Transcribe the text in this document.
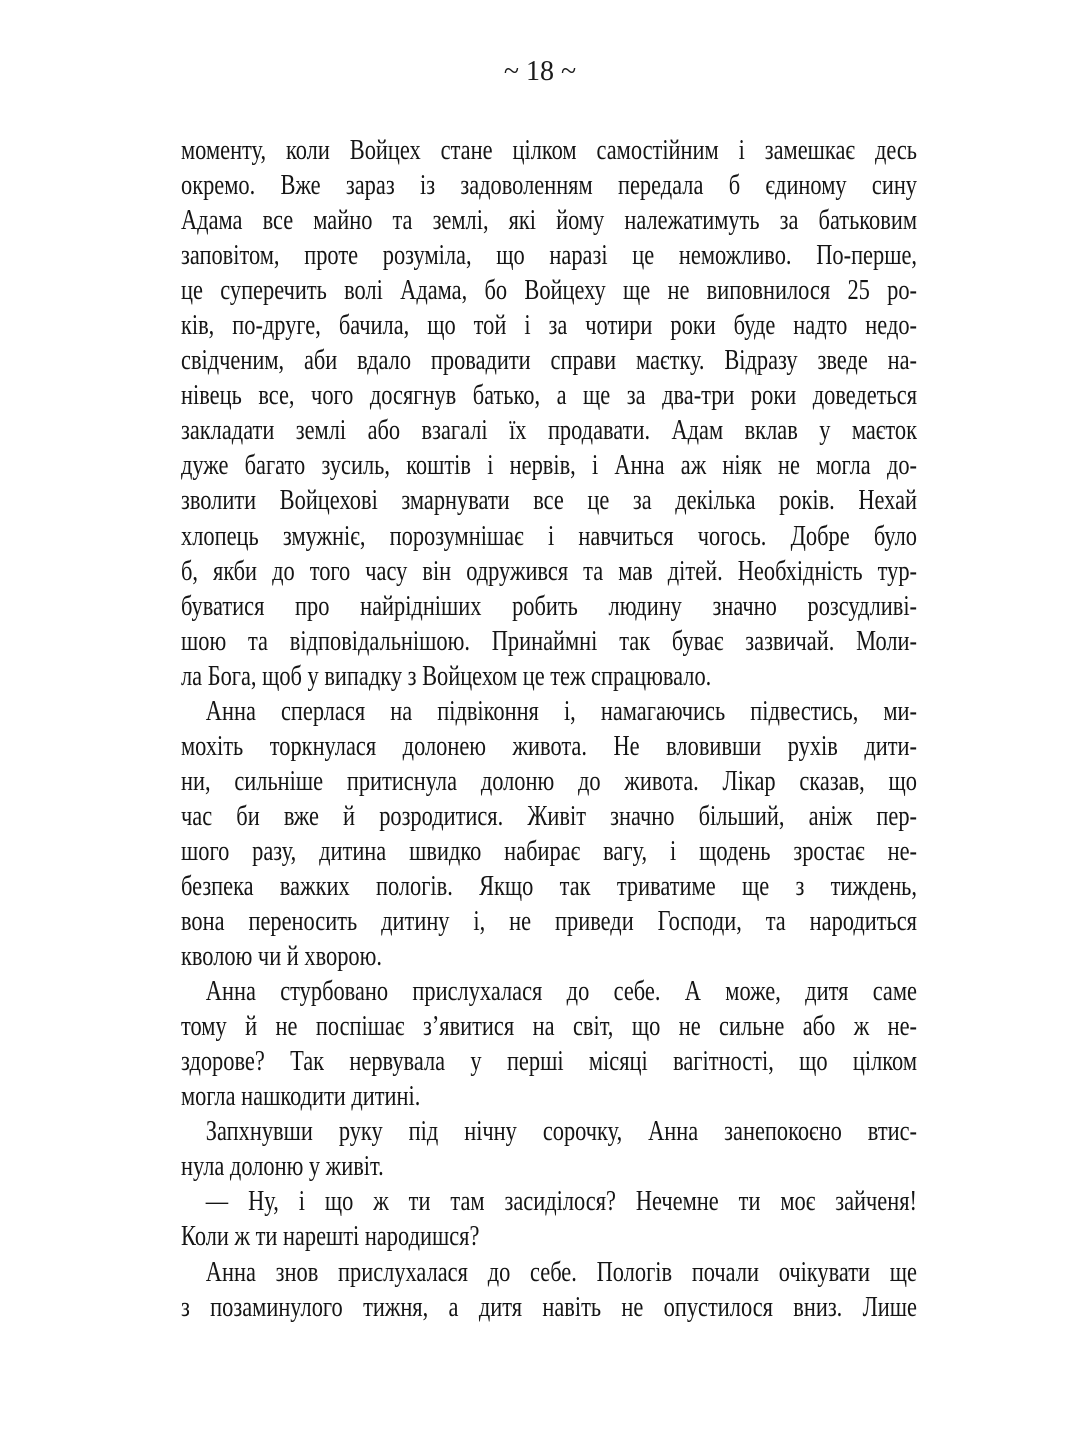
~ 18 ~
моменту, коли Войцех стане цілком самостійним і замешкає десь
окремо. Вже зараз із задоволенням передала б єдиному сину
Адама все майно та землі, які йому належатимуть за батьковим
заповітом, проте розуміла, що наразі це неможливо. По-перше,
це суперечить волі Адама, бо Войцеху ще не виповнилося 25 ро-
ків, по-друге, бачила, що той і за чотири роки буде надто недо-
свідченим, аби вдало провадити справи маєтку. Відразу зведе на-
нівець все, чого досягнув батько, а ще за два-три роки доведеться
закладати землі або взагалі їх продавати. Адам вклав у маєток
дуже багато зусиль, коштів і нервів, і Анна аж ніяк не могла до-
зволити Войцехові змарнувати все це за декілька років. Нехай
хлопець змужніє, порозумнішає і навчиться чогось. Добре було
б, якби до того часу він одружився та мав дітей. Необхідність тур-
буватися про найрідніших робить людину значно розсудливі-
шою та відповідальнішою. Принаймні так буває зазвичай. Моли-
ла Бога, щоб у випадку з Войцехом це теж спрацювало.
Анна сперлася на підвіконня і, намагаючись підвестись, ми-
мохіть торкнулася долонею живота. Не вловивши рухів дити-
ни, сильніше притиснула долоню до живота. Лікар сказав, що
час би вже й розродитися. Живіт значно більший, аніж пер-
шого разу, дитина швидко набирає вагу, і щодень зростає не-
безпека важких пологів. Якщо так триватиме ще з тиждень,
вона переносить дитину і, не приведи Господи, та народиться
кволою чи й хворою.
Анна стурбовано прислухалася до себе. А може, дитя саме
тому й не поспішає з’явитися на світ, що не сильне або ж не-
здорове? Так нервувала у перші місяці вагітності, що цілком
могла нашкодити дитині.
Запхнувши руку під нічну сорочку, Анна занепокоєно втис-
нула долоню у живіт.
— Ну, і що ж ти там засиділося? Нечемне ти моє зайченя!
Коли ж ти нарешті народишся?
Анна знов прислухалася до себе. Пологів почали очікувати ще
з позаминулого тижня, а дитя навіть не опустилося вниз. Лише
